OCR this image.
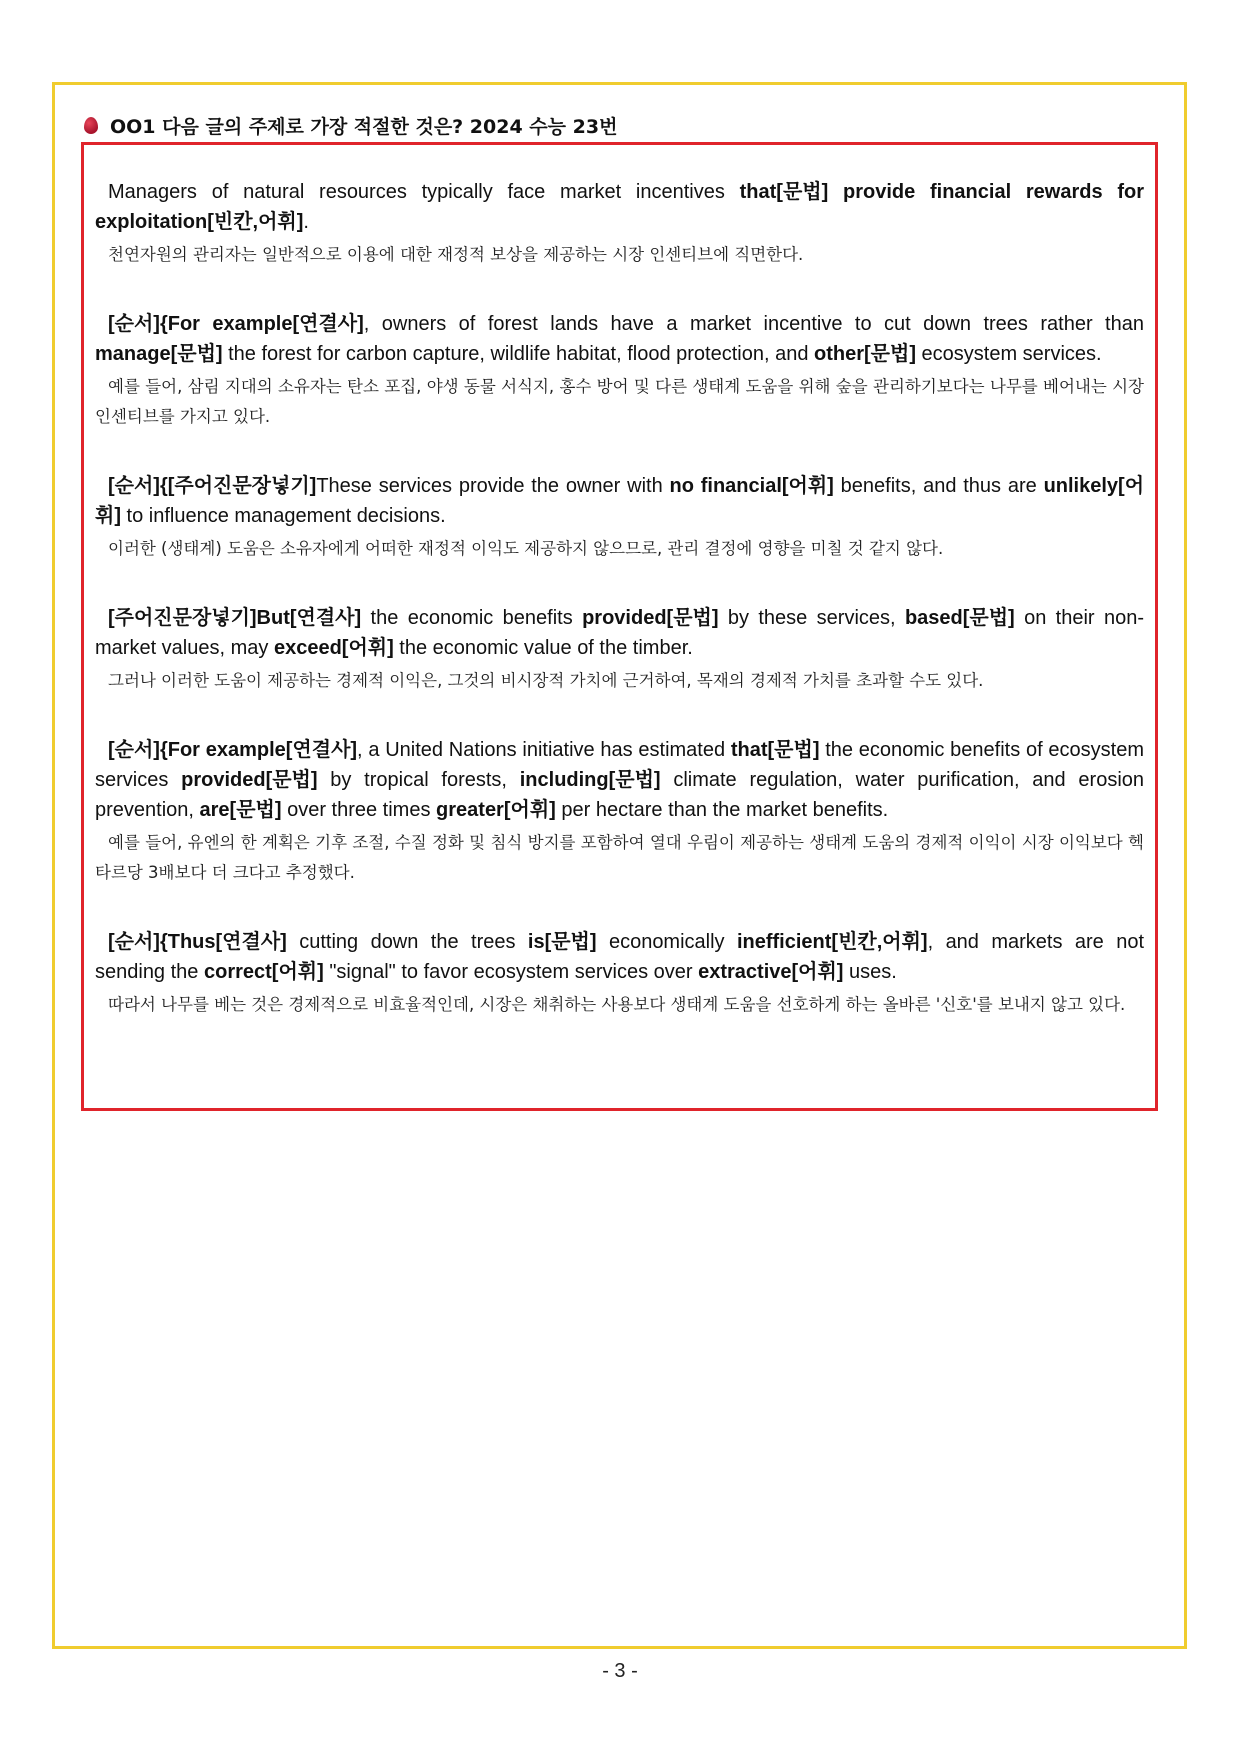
OO1 다음 글의 주제로 가장 적절한 것은? 2024 수능 23번
Managers of natural resources typically face market incentives that[문법] provide financial rewards for exploitation[빈칸,어휘].
천연자원의 관리자는 일반적으로 이용에 대한 재정적 보상을 제공하는 시장 인센티브에 직면한다.
[순서]{For example[연결사], owners of forest lands have a market incentive to cut down trees rather than manage[문법] the forest for carbon capture, wildlife habitat, flood protection, and other[문법] ecosystem services.
예를 들어, 삼림 지대의 소유자는 탄소 포집, 야생 동물 서식지, 홍수 방어 및 다른 생태계 도움을 위해 숲을 관리하기보다는 나무를 베어내는 시장 인센티브를 가지고 있다.
[순서]{[주어진문장넣기]These services provide the owner with no financial[어휘] benefits, and thus are unlikely[어휘] to influence management decisions.
이러한 (생태계) 도움은 소유자에게 어떠한 재정적 이익도 제공하지 않으므로, 관리 결정에 영향을 미칠 것 같지 않다.
[주어진문장넣기]But[연결사] the economic benefits provided[문법] by these services, based[문법] on their non-market values, may exceed[어휘] the economic value of the timber.
그러나 이러한 도움이 제공하는 경제적 이익은, 그것의 비시장적 가치에 근거하여, 목재의 경제적 가치를 초과할 수도 있다.
[순서]{For example[연결사], a United Nations initiative has estimated that[문법] the economic benefits of ecosystem services provided[문법] by tropical forests, including[문법] climate regulation, water purification, and erosion prevention, are[문법] over three times greater[어휘] per hectare than the market benefits.
예를 들어, 유엔의 한 계획은 기후 조절, 수질 정화 및 침식 방지를 포함하여 열대 우림이 제공하는 생태계 도움의 경제적 이익이 시장 이익보다 헥타르당 3배보다 더 크다고 추정했다.
[순서]{Thus[연결사] cutting down the trees is[문법] economically inefficient[빈칸,어휘], and markets are not sending the correct[어휘] "signal" to favor ecosystem services over extractive[어휘] uses.
따라서 나무를 베는 것은 경제적으로 비효율적인데, 시장은 채취하는 사용보다 생태계 도움을 선호하게 하는 올바른 '신호'를 보내지 않고 있다.
- 3 -
